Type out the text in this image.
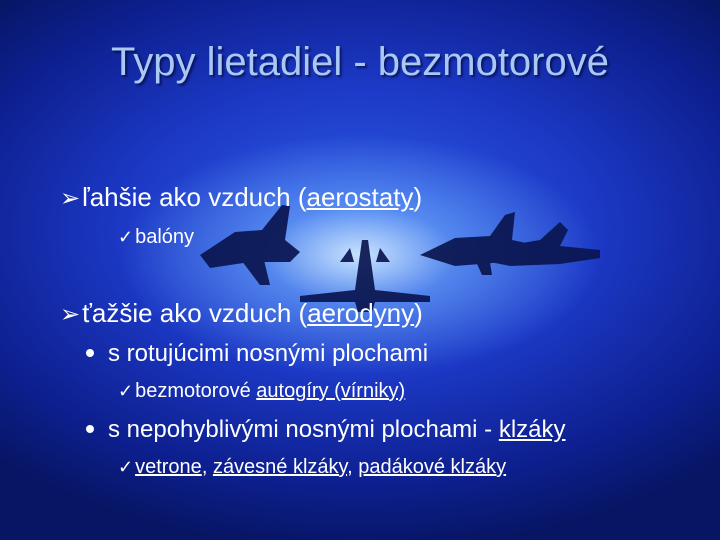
Typy lietadiel - bezmotorové
➢ľahšie ako vzduch (aerostaty)
✓ balóny
➢ťažšie ako vzduch (aerodyny)
s rotujúcimi nosnými plochami
✓ bezmotorové autogíry (vírniky)
s nepohyblivými nosnými plochami - klzáky
✓ vetrone, závesné klzáky, padákové klzáky
